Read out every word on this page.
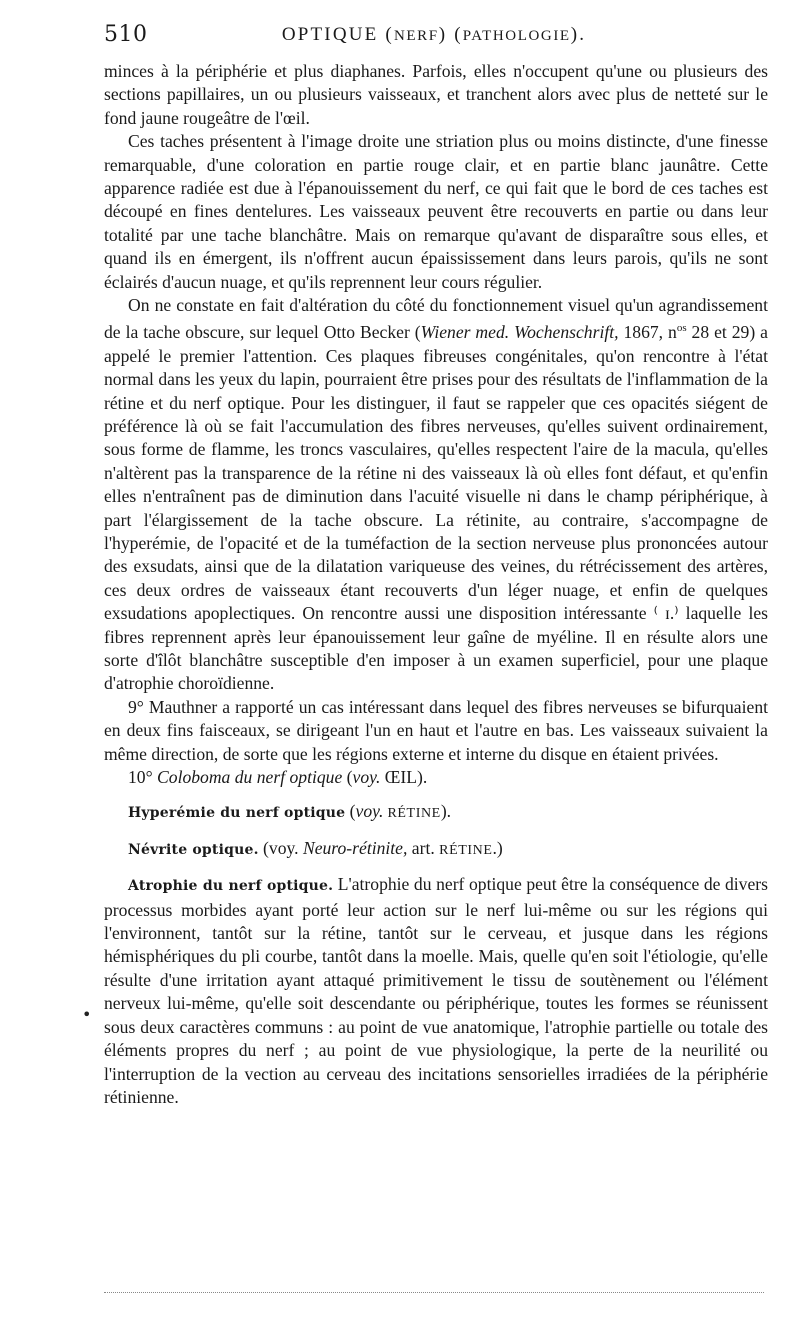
510	OPTIQUE (NERF) (PATHOLOGIE).

minces à la périphérie et plus diaphanes. Parfois, elles n'occupent qu'une ou plusieurs des sections papillaires, un ou plusieurs vaisseaux, et tranchent alors avec plus de netteté sur le fond jaune rougeâtre de l'œil.

Ces taches présentent à l'image droite une striation plus ou moins distincte, d'une finesse remarquable, d'une coloration en partie rouge clair, et en partie blanc jaunâtre. Cette apparence radiée est due à l'épanouissement du nerf, ce qui fait que le bord de ces taches est découpé en fines dentelures. Les vaisseaux peuvent être recouverts en partie ou dans leur totalité par une tache blanchâtre. Mais on remarque qu'avant de disparaître sous elles, et quand ils en émergent, ils n'offrent aucun épaississement dans leurs parois, qu'ils ne sont éclairés d'aucun nuage, et qu'ils reprennent leur cours régulier.

On ne constate en fait d'altération du côté du fonctionnement visuel qu'un agrandissement de la tache obscure, sur lequel Otto Becker (Wiener med. Wochenschrift, 1867, $n^{os}$ 28 et 29) a appelé le premier l'attention. Ces plaques fibreuses congénitales, qu'on rencontre à l'état normal dans les yeux du lapin, pourraient être prises pour des résultats de l'inflammation de la rétine et du nerf optique. Pour les distinguer, il faut se rappeler que ces opacités siégent de préférence là où se fait l'accumulation des fibres nerveuses, qu'elles suivent ordinairement, sous forme de flamme, les troncs vasculaires, qu'elles respectent l'aire de la macula, qu'elles n'altèrent pas la transparence de la rétine ni des vaisseaux là où elles font défaut, et qu'enfin elles n'entraînent pas de diminution dans l'acuité visuelle ni dans le champ périphérique, à part l'élargissement de la tache obscure. La rétinite, au contraire, s'accompagne de l'hyperémie, de l'opacité et de la tuméfaction de la section nerveuse plus prononcées autour des exsudats, ainsi que de la dilatation variqueuse des veines, du rétrécissement des artères, ces deux ordres de vaisseaux étant recouverts d'un léger nuage, et enfin de quelques exsudations apoplectiques. On rencontre aussi une disposition intéressante ⁽ ɪ.⁾ laquelle les fibres reprennent après leur épanouissement leur gaîne de myéline. Il en résulte alors une sorte d'îlôt blanchâtre susceptible d'en imposer à un examen superficiel, pour une plaque d'atrophie choroïdienne.

9° Mauthner a rapporté un cas intéressant dans lequel des fibres nerveuses se bifurquaient en deux fins faisceaux, se dirigeant l'un en haut et l'autre en bas. Les vaisseaux suivaient la même direction, de sorte que les régions externe et interne du disque en étaient privées.

10° Coloboma du nerf optique (voy. ŒIL).

Hyperémie du nerf optique (voy. RÉTINE).

Névrite optique. (voy. Neuro-rétinite, art. RÉTINE.)

Atrophie du nerf optique. L'atrophie du nerf optique peut être la conséquence de divers processus morbides ayant porté leur action sur le nerf lui-même ou sur les régions qui l'environnent, tantôt sur la rétine, tantôt sur le cerveau, et jusque dans les régions hémisphériques du pli courbe, tantôt dans la moelle. Mais, quelle qu'en soit l'étiologie, qu'elle résulte d'une irritation ayant attaqué primitivement le tissu de soutènement ou l'élément nerveux lui-même, qu'elle soit descendante ou périphérique, toutes les formes se réunissent sous deux caractères communs : au point de vue anatomique, l'atrophie partielle ou totale des éléments propres du nerf ; au point de vue physiologique, la perte de la neurilité ou l'interruption de la vection au cerveau des incitations sensorielles irradiées de la périphérie rétinienne.

•
